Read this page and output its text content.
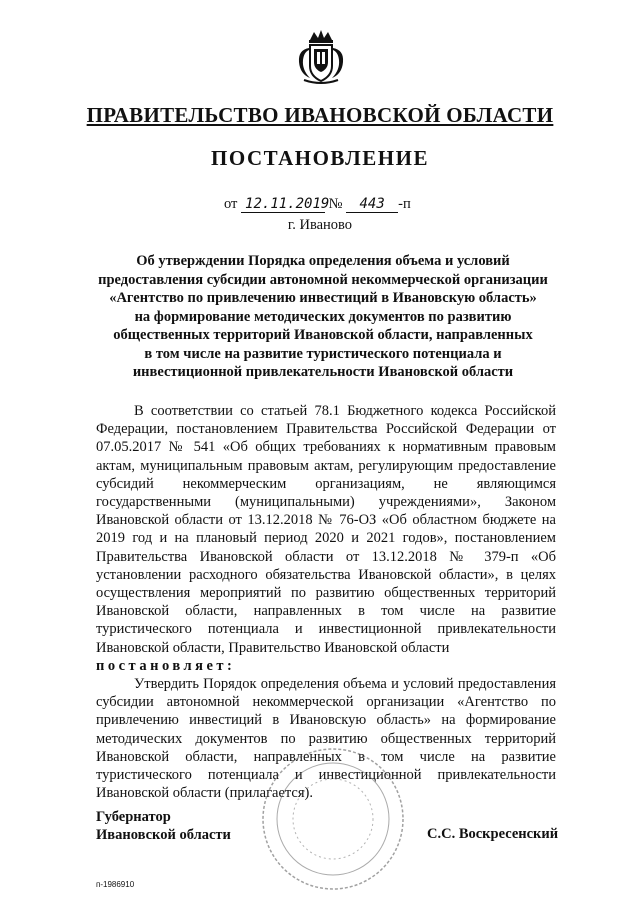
ПРАВИТЕЛЬСТВО ИВАНОВСКОЙ ОБЛАСТИ
ПОСТАНОВЛЕНИЕ
от 12.11.2019 № 443 -п
г. Иваново
Об утверждении Порядка определения объема и условий
предоставления субсидии автономной некоммерческой организации
«Агентство по привлечению инвестиций в Ивановскую область»
на формирование методических документов по развитию
общественных территорий Ивановской области, направленных
в том числе на развитие туристического потенциала и
инвестиционной привлекательности Ивановской области

В соответствии со статьей 78.1 Бюджетного кодекса Российской Федерации, постановлением Правительства Российской Федерации от 07.05.2017 № 541 «Об общих требованиях к нормативным правовым актам, муниципальным правовым актам, регулирующим предоставление субсидий некоммерческим организациям, не являющимся государственными (муниципальными) учреждениями», Законом Ивановской области от 13.12.2018 № 76-ОЗ «Об областном бюджете на 2019 год и на плановый период 2020 и 2021 годов», постановлением Правительства Ивановской области от 13.12.2018 № 379-п «Об установлении расходного обязательства Ивановской области», в целях осуществления мероприятий по развитию общественных территорий Ивановской области, направленных в том числе на развитие туристического потенциала и инвестиционной привлекательности Ивановской области, Правительство Ивановской области

постановляет:

Утвердить Порядок определения объема и условий предоставления субсидии автономной некоммерческой организации «Агентство по привлечению инвестиций в Ивановскую область» на формирование методических документов по развитию общественных территорий Ивановской области, направленных в том числе на развитие туристического потенциала и инвестиционной привлекательности Ивановской области (прилагается).

Губернатор
Ивановской области	С.С. Воскресенский
п-1986910
